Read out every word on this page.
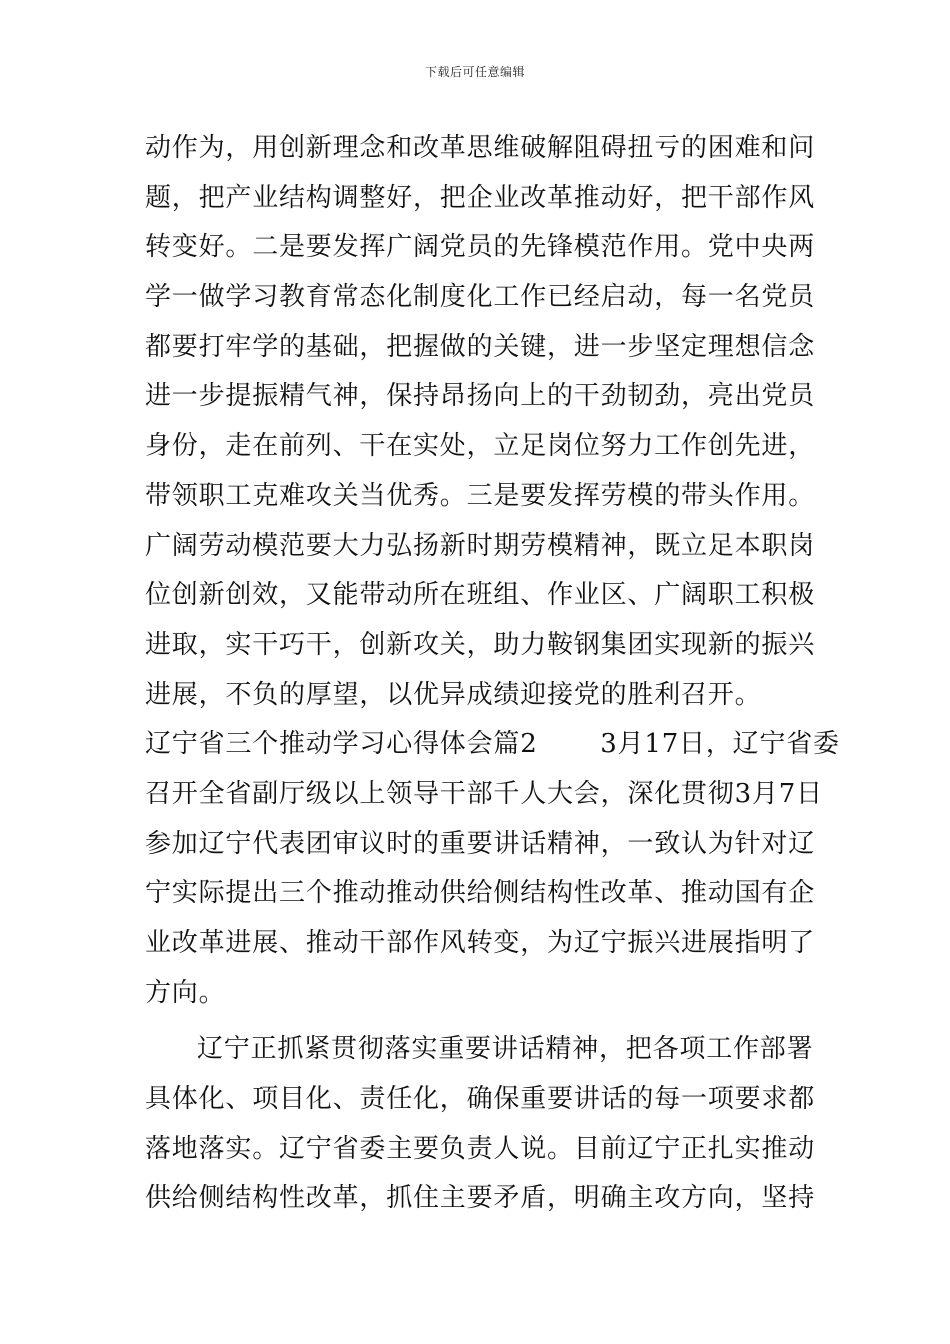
下载后可任意编辑
动作为，用创新理念和改革思维破解阻碍扭亏的困难和问
题，把产业结构调整好，把企业改革推动好，把干部作风
转变好。二是要发挥广阔党员的先锋模范作用。党中央两
学一做学习教育常态化制度化工作已经启动，每一名党员
都要打牢学的基础，把握做的关键，进一步坚定理想信念
进一步提振精气神，保持昂扬向上的干劲韧劲，亮出党员
身份，走在前列、干在实处，立足岗位努力工作创先进，
带领职工克难攻关当优秀。三是要发挥劳模的带头作用。
广阔劳动模范要大力弘扬新时期劳模精神，既立足本职岗
位创新创效，又能带动所在班组、作业区、广阔职工积极
进取，实干巧干，创新攻关，助力鞍钢集团实现新的振兴
进展，不负的厚望，以优异成绩迎接党的胜利召开。
辽宁省三个推动学习心得体会篇2　　 3月17日，辽宁省委
召开全省副厅级以上领导干部千人大会，深化贯彻3月7日
参加辽宁代表团审议时的重要讲话精神，一致认为针对辽
宁实际提出三个推动推动供给侧结构性改革、推动国有企
业改革进展、推动干部作风转变，为辽宁振兴进展指明了
方向。
辽宁正抓紧贯彻落实重要讲话精神，把各项工作部署
具体化、项目化、责任化，确保重要讲话的每一项要求都
落地落实。辽宁省委主要负责人说。目前辽宁正扎实推动
供给侧结构性改革，抓住主要矛盾，明确主攻方向，坚持
